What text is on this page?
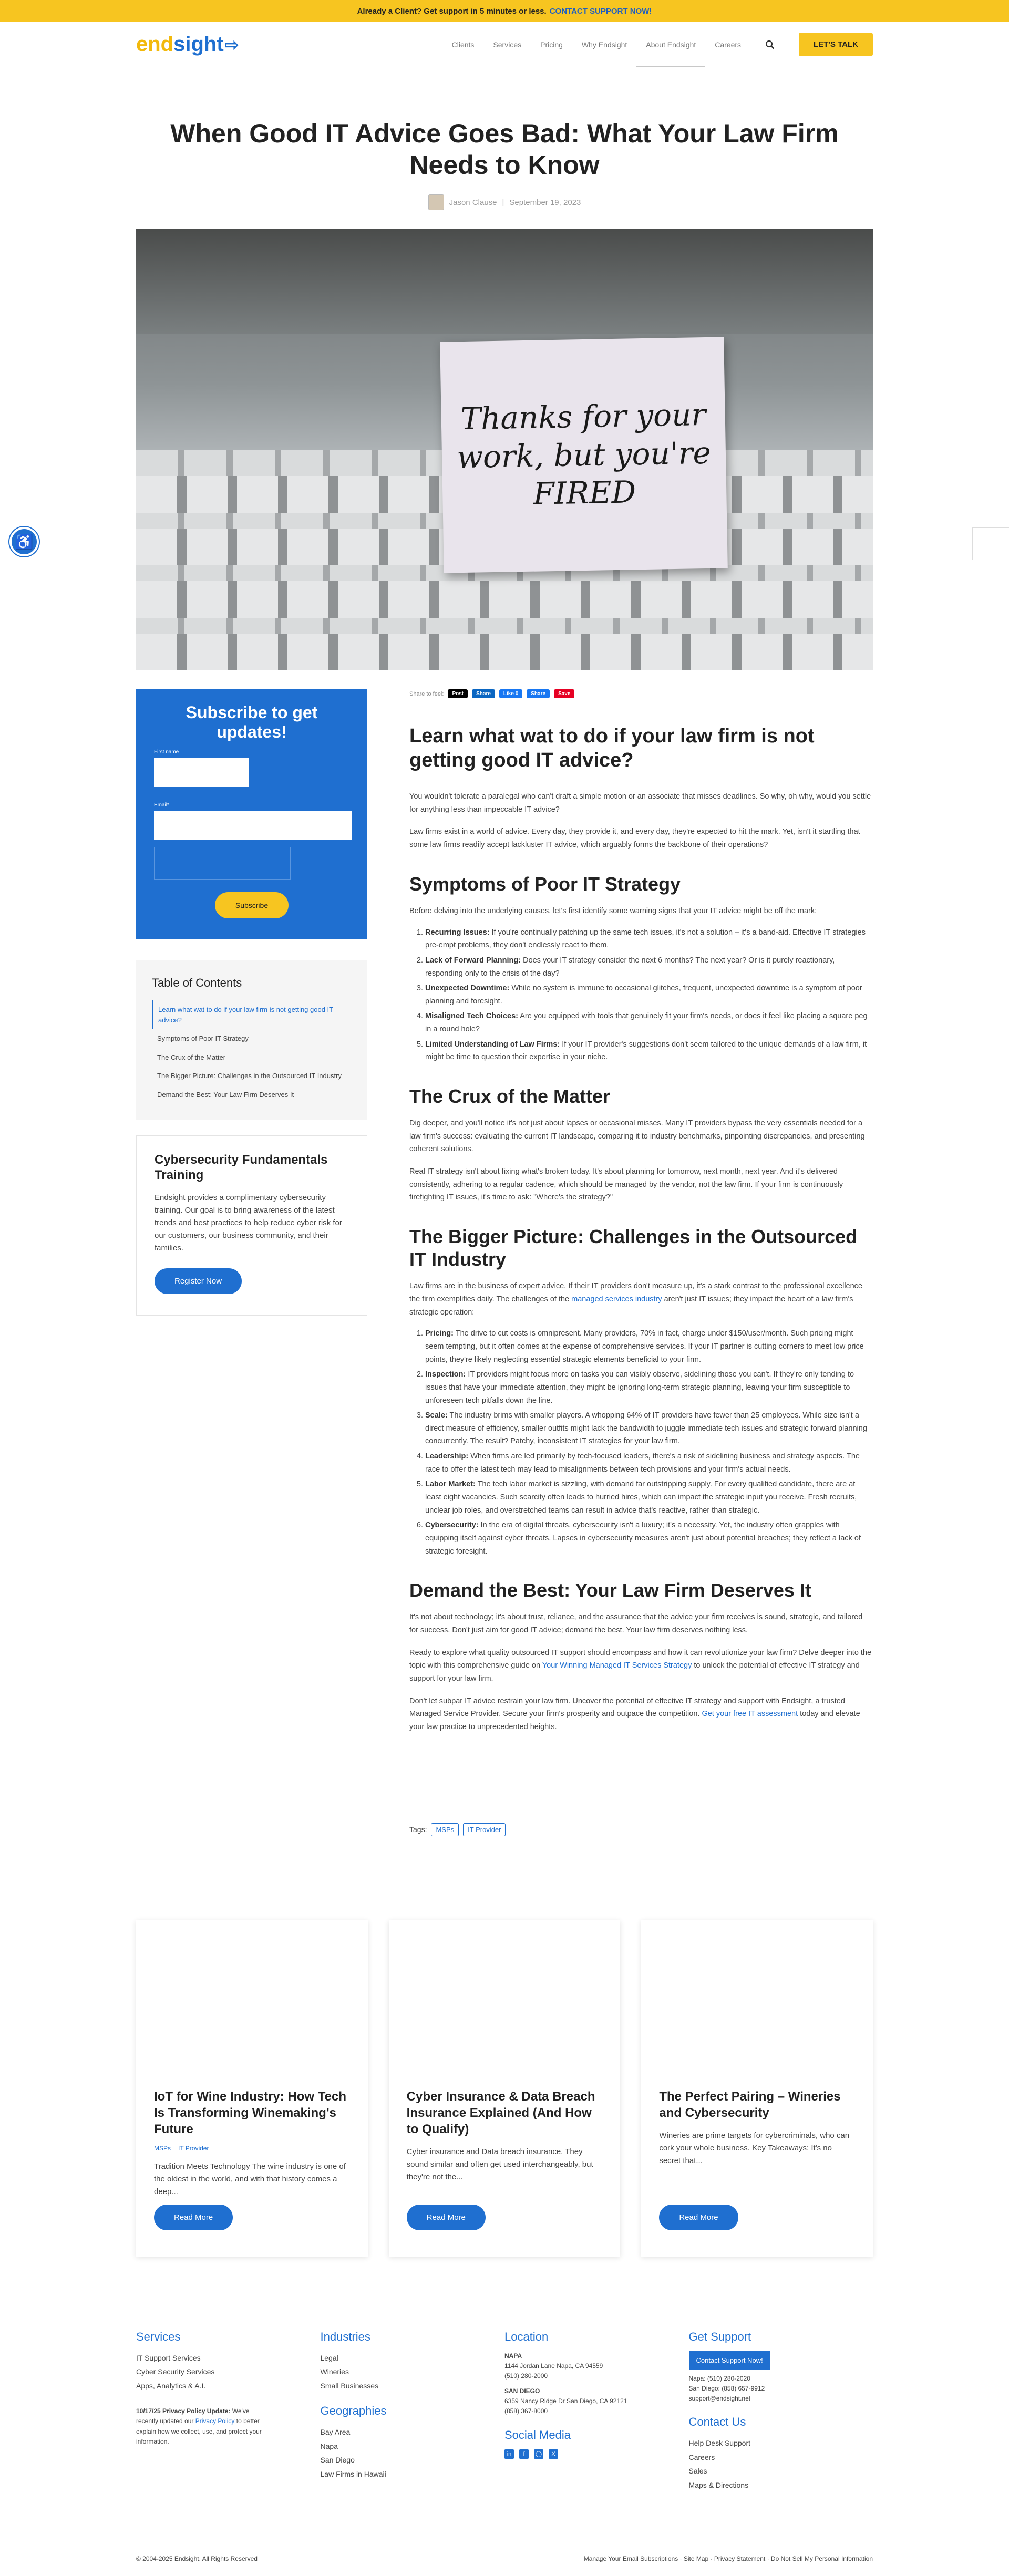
♿
Already a Client? Get support in 5 minutes or less. CONTACT SUPPORT NOW!
end sight ⇨	Clients	Services	Pricing	Why Endsight	About Endsight	Careers	LET'S TALK
When Good IT Advice Goes Bad: What Your Law Firm Needs to Know
Jason Clause | September 19, 2023
Thanks for your
work, but you're
FIRED
Subscribe to get updates!
First name
Email*
Subscribe
Table of Contents
Learn what wat to do if your law firm is not getting good IT advice?
Symptoms of Poor IT Strategy
The Crux of the Matter
The Bigger Picture: Challenges in the Outsourced IT Industry
Demand the Best: Your Law Firm Deserves It
Cybersecurity Fundamentals Training

Endsight provides a complimentary cybersecurity training. Our goal is to bring awareness of the latest trends and best practices to help reduce cyber risk for our customers, our business community, and their families.

Register Now
Share to feel:	Post	Share	Like 0	Share	Save
Learn what wat to do if your law firm is not getting good IT advice?

You wouldn't tolerate a paralegal who can't draft a simple motion or an associate that misses deadlines. So why, oh why, would you settle for anything less than impeccable IT advice?

Law firms exist in a world of advice. Every day, they provide it, and every day, they're expected to hit the mark. Yet, isn't it startling that some law firms readily accept lackluster IT advice, which arguably forms the backbone of their operations?

Symptoms of Poor IT Strategy

Before delving into the underlying causes, let's first identify some warning signs that your IT advice might be off the mark:

1. Recurring Issues: If you're continually patching up the same tech issues, it's not a solution – it's a band-aid. Effective IT strategies pre-empt problems, they don't endlessly react to them.
2. Lack of Forward Planning: Does your IT strategy consider the next 6 months? The next year? Or is it purely reactionary, responding only to the crisis of the day?
3. Unexpected Downtime: While no system is immune to occasional glitches, frequent, unexpected downtime is a symptom of poor planning and foresight.
4. Misaligned Tech Choices: Are you equipped with tools that genuinely fit your firm's needs, or does it feel like placing a square peg in a round hole?
5. Limited Understanding of Law Firms: If your IT provider's suggestions don't seem tailored to the unique demands of a law firm, it might be time to question their expertise in your niche.
The Crux of the Matter

Dig deeper, and you'll notice it's not just about lapses or occasional misses. Many IT providers bypass the very essentials needed for a law firm's success: evaluating the current IT landscape, comparing it to industry benchmarks, pinpointing discrepancies, and presenting coherent solutions.

Real IT strategy isn't about fixing what's broken today. It's about planning for tomorrow, next month, next year. And it's delivered consistently, adhering to a regular cadence, which should be managed by the vendor, not the law firm. If your firm is continuously firefighting IT issues, it's time to ask: "Where's the strategy?"

The Bigger Picture: Challenges in the Outsourced IT Industry

Law firms are in the business of expert advice. If their IT providers don't measure up, it's a stark contrast to the professional excellence the firm exemplifies daily. The challenges of the managed services industry aren't just IT issues; they impact the heart of a law firm's strategic operation:

1. Pricing: The drive to cut costs is omnipresent. Many providers, 70% in fact, charge under $150/user/month. Such pricing might seem tempting, but it often comes at the expense of comprehensive services. If your IT partner is cutting corners to meet low price points, they're likely neglecting essential strategic elements beneficial to your firm.
2. Inspection: IT providers might focus more on tasks you can visibly observe, sidelining those you can't. If they're only tending to issues that have your immediate attention, they might be ignoring long-term strategic planning, leaving your firm susceptible to unforeseen tech pitfalls down the line.
3. Scale: The industry brims with smaller players. A whopping 64% of IT providers have fewer than 25 employees. While size isn't a direct measure of efficiency, smaller outfits might lack the bandwidth to juggle immediate tech issues and strategic forward planning concurrently. The result? Patchy, inconsistent IT strategies for your law firm.
4. Leadership: When firms are led primarily by tech-focused leaders, there's a risk of sidelining business and strategy aspects. The race to offer the latest tech may lead to misalignments between tech provisions and your firm's actual needs.
5. Labor Market: The tech labor market is sizzling, with demand far outstripping supply. For every qualified candidate, there are at least eight vacancies. Such scarcity often leads to hurried hires, which can impact the strategic input you receive. Fresh recruits, unclear job roles, and overstretched teams can result in advice that's reactive, rather than strategic.
6. Cybersecurity: In the era of digital threats, cybersecurity isn't a luxury; it's a necessity. Yet, the industry often grapples with equipping itself against cyber threats. Lapses in cybersecurity measures aren't just about potential breaches; they reflect a lack of strategic foresight.
Demand the Best: Your Law Firm Deserves It

It's not about technology; it's about trust, reliance, and the assurance that the advice your firm receives is sound, strategic, and tailored for success. Don't just aim for good IT advice; demand the best. Your law firm deserves nothing less.

Ready to explore what quality outsourced IT support should encompass and how it can revolutionize your law firm? Delve deeper into the topic with this comprehensive guide on Your Winning Managed IT Services Strategy to unlock the potential of effective IT strategy and support for your law firm.

Don't let subpar IT advice restrain your law firm. Uncover the potential of effective IT strategy and support with Endsight, a trusted Managed Service Provider. Secure your firm's prosperity and outpace the competition. Get your free IT assessment today and elevate your law practice to unprecedented heights.

Tags:	MSPs	IT Provider
IoT for Wine Industry: How Tech Is Transforming Winemaking's Future
MSPs IT Provider

Tradition Meets Technology The wine industry is one of the oldest in the world, and with that history comes a deep...

Read More
Cyber Insurance & Data Breach Insurance Explained (And How to Qualify)

Cyber insurance and Data breach insurance. They sound similar and often get used interchangeably, but they're not the...

Read More
The Perfect Pairing – Wineries and Cybersecurity

Wineries are prime targets for cybercriminals, who can cork your whole business. Key Takeaways: It's no secret that...

Read More
Services
IT Support Services
Cyber Security Services
Apps, Analytics & A.I.

10/17/25 Privacy Policy Update: We've recently updated our Privacy Policy to better explain how we collect, use, and protect your information.

Industries
Legal
Wineries
Small Businesses
Geographies
Bay Area
Napa
San Diego
Law Firms in Hawaii
Location
NAPA
1144 Jordan Lane Napa, CA 94559
(510) 280-2000
SAN DIEGO
6359 Nancy Ridge Dr San Diego, CA 92121
(858) 367-8000
Social Media
in	f	◯	X
Get Support
Contact Support Now!
Napa: (510) 280-2020
San Diego: (858) 657-9912
support@endsight.net
Contact Us
Help Desk Support
Careers
Sales
Maps & Directions
© 2004-2025 Endsight. All Rights Reserved	Manage Your Email Subscriptions · Site Map · Privacy Statement · Do Not Sell My Personal Information
